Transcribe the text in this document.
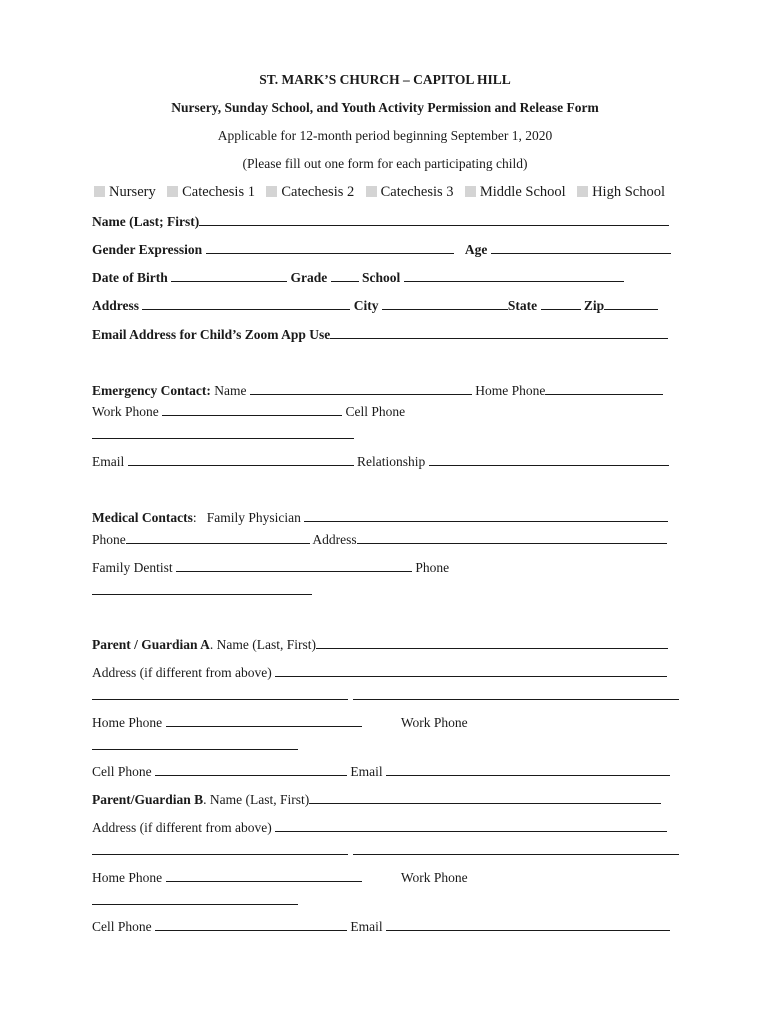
ST. MARK’S CHURCH – CAPITOL HILL
Nursery, Sunday School, and Youth Activity Permission and Release Form
Applicable for 12-month period beginning September 1, 2020
(Please fill out one form for each participating child)
Nursery Catechesis 1 Catechesis 2 Catechesis 3 Middle School High School
Name (Last; First)
Gender Expression	Age
Date of Birth	Grade	School
Address	City	State	Zip
Email Address for Child’s Zoom App Use
Emergency Contact: Name	Home Phone
Work Phone	Cell Phone
Email	Relationship
Medical Contacts:   Family Physician
Phone	Address
Family Dentist	Phone
Parent / Guardian A. Name (Last, First)
Address (if different from above)

Home Phone	Work Phone
Cell Phone	Email
Parent/Guardian B. Name (Last, First)
Address (if different from above)

Home Phone	Work Phone
Cell Phone	Email
